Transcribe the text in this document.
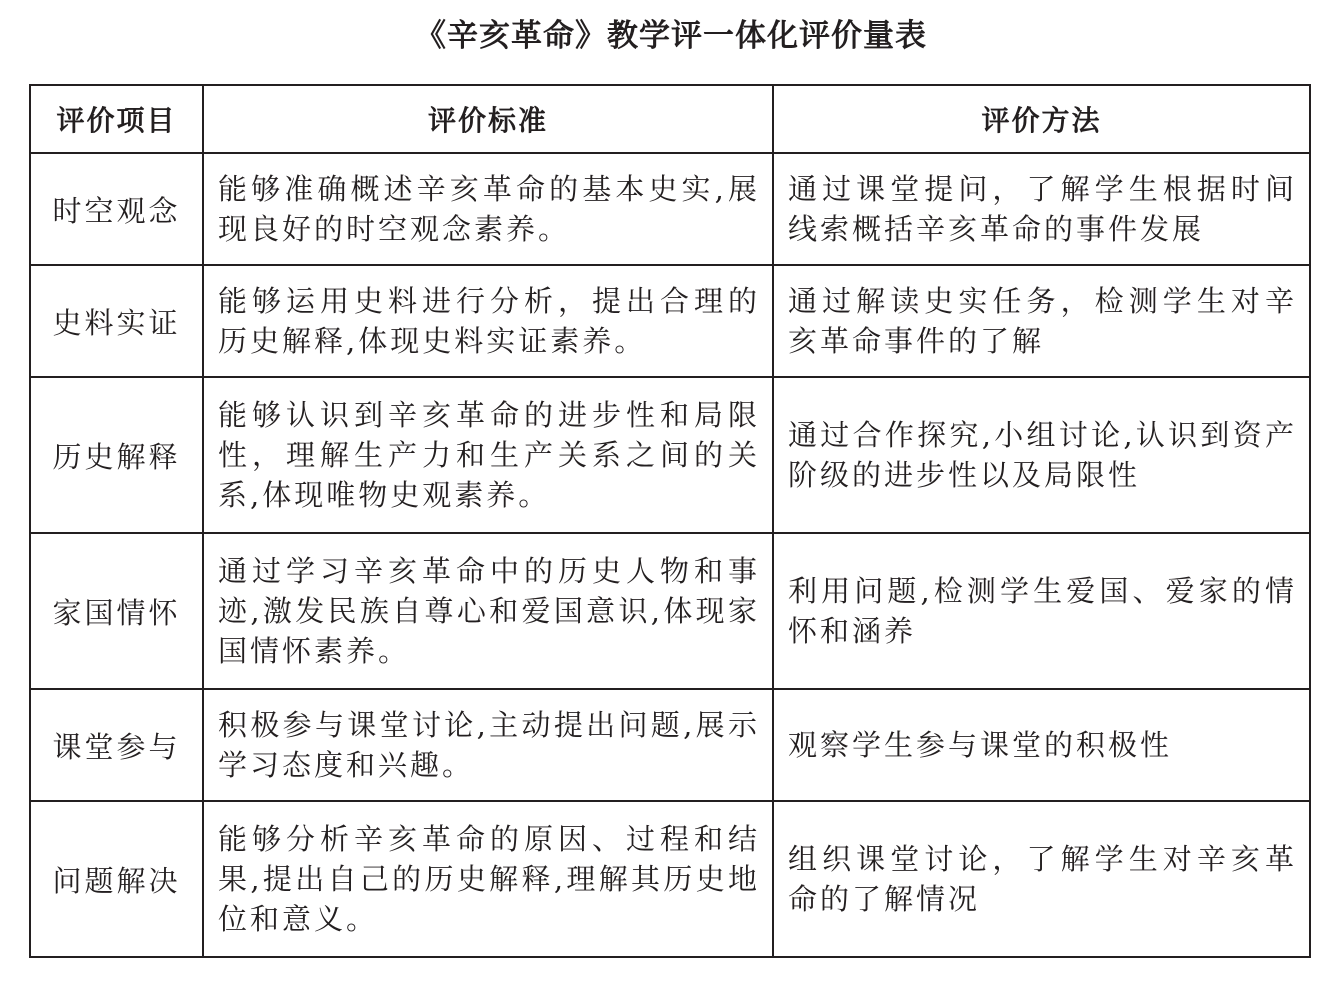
《辛亥革命》教学评一体化评价量表
评价项目	评价标准	评价方法
时空观念	能够准确概述辛亥革命的基本史实,展现良好的时空观念素养。	通过课堂提问，了解学生根据时间线索概括辛亥革命的事件发展
史料实证	能够运用史料进行分析，提出合理的历史解释,体现史料实证素养。	通过解读史实任务，检测学生对辛亥革命事件的了解
历史解释	能够认识到辛亥革命的进步性和局限性，理解生产力和生产关系之间的关系,体现唯物史观素养。	通过合作探究,小组讨论,认识到资产阶级的进步性以及局限性
家国情怀	通过学习辛亥革命中的历史人物和事迹,激发民族自尊心和爱国意识,体现家国情怀素养。	利用问题,检测学生爱国、爱家的情怀和涵养
课堂参与	积极参与课堂讨论,主动提出问题,展示学习态度和兴趣。	观察学生参与课堂的积极性
问题解决	能够分析辛亥革命的原因、过程和结果,提出自己的历史解释,理解其历史地位和意义。	组织课堂讨论，了解学生对辛亥革命的了解情况
